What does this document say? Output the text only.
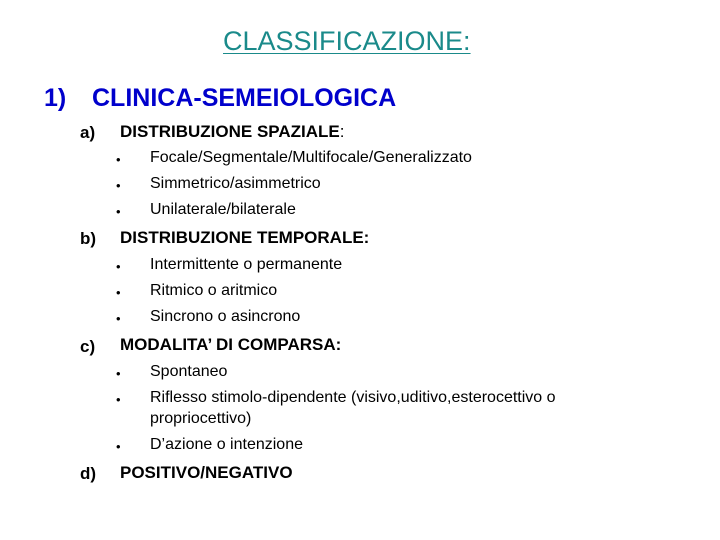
CLASSIFICAZIONE:
1) CLINICA-SEMEIOLOGICA
a) DISTRIBUZIONE SPAZIALE:
• Focale/Segmentale/Multifocale/Generalizzato
• Simmetrico/asimmetrico
• Unilaterale/bilaterale
b) DISTRIBUZIONE TEMPORALE:
• Intermittente o permanente
• Ritmico o aritmico
• Sincrono o asincrono
c) MODALITA’ DI COMPARSA:
• Spontaneo
• Riflesso stimolo-dipendente (visivo,uditivo,esterocettivo o
propriocettivo)
• D’azione o intenzione
d) POSITIVO/NEGATIVO
